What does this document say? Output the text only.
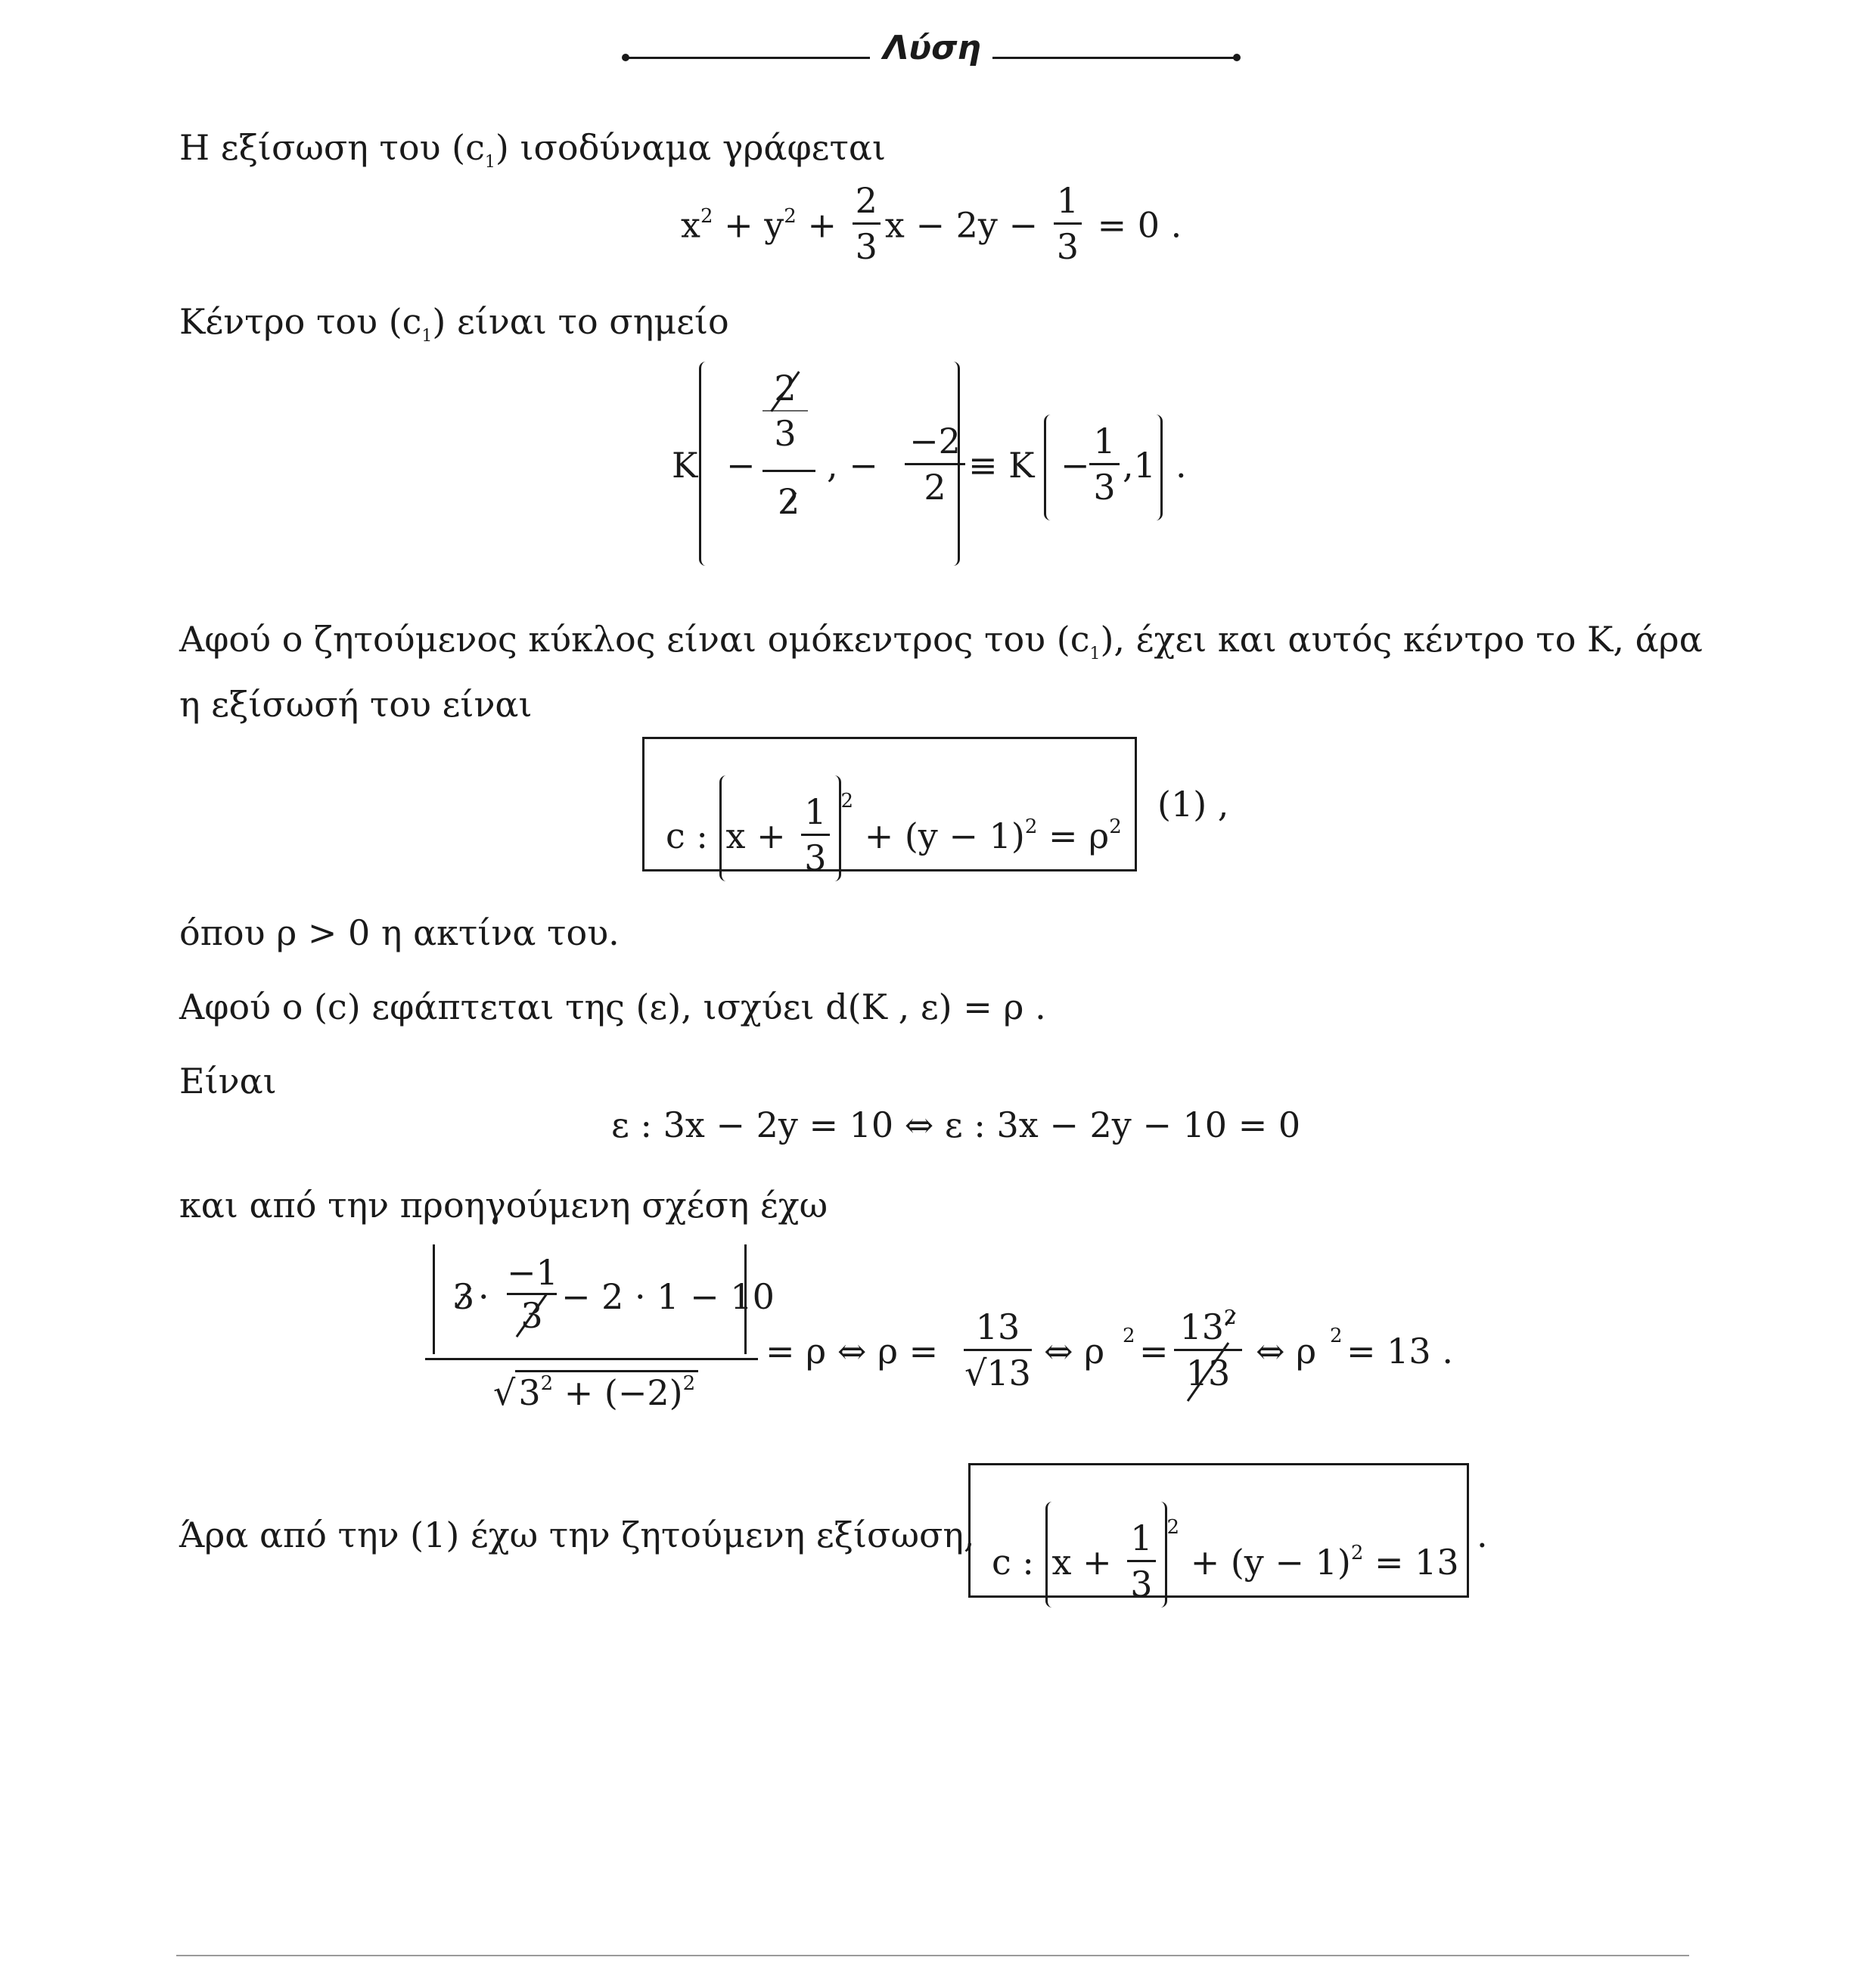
Λύση
Η εξίσωση του $(c_1)$ ισοδύναμα γράφεται
$x^2 + y^2 + \frac{2}{3}$ $x - 2y - \frac{1}{3} = 0$ .
Κέντρο του $(c_1)$ είναι το σημείο
K −
2
3
2
, −
−2
2
≡ K −
1
3
,1 .
Αφού ο ζητούμενος κύκλος είναι ομόκεντρος του $(c_1)$, έχει και αυτός κέντρο το Κ, άρα
η εξίσωσή του είναι
c : $x + \frac{1}{3} ^2 + (y - 1)^2 = \rho^2$
(1) ,
όπου ρ > 0 η ακτίνα του.
Αφού ο (c) εφάπτεται της (ε), ισχύει d(K , ε) = ρ .
Είναι
ε : 3x − 2y = 10 ⇔ ε : 3x − 2y − 10 = 0
και από την προηγούμενη σχέση έχω
3 ·
−1
3 − 2 · 1 − 10
$√3^2 + (-2)^2$
= ρ ⇔ ρ =
13
√13
⇔ ρ 2 =
$13^2$
13
⇔ ρ 2 = 13 .
Άρα από την (1) έχω την ζητούμενη εξίσωση,
c : $x + \frac{1}{3} ^2 + (y - 1)^2 = 13$
.
